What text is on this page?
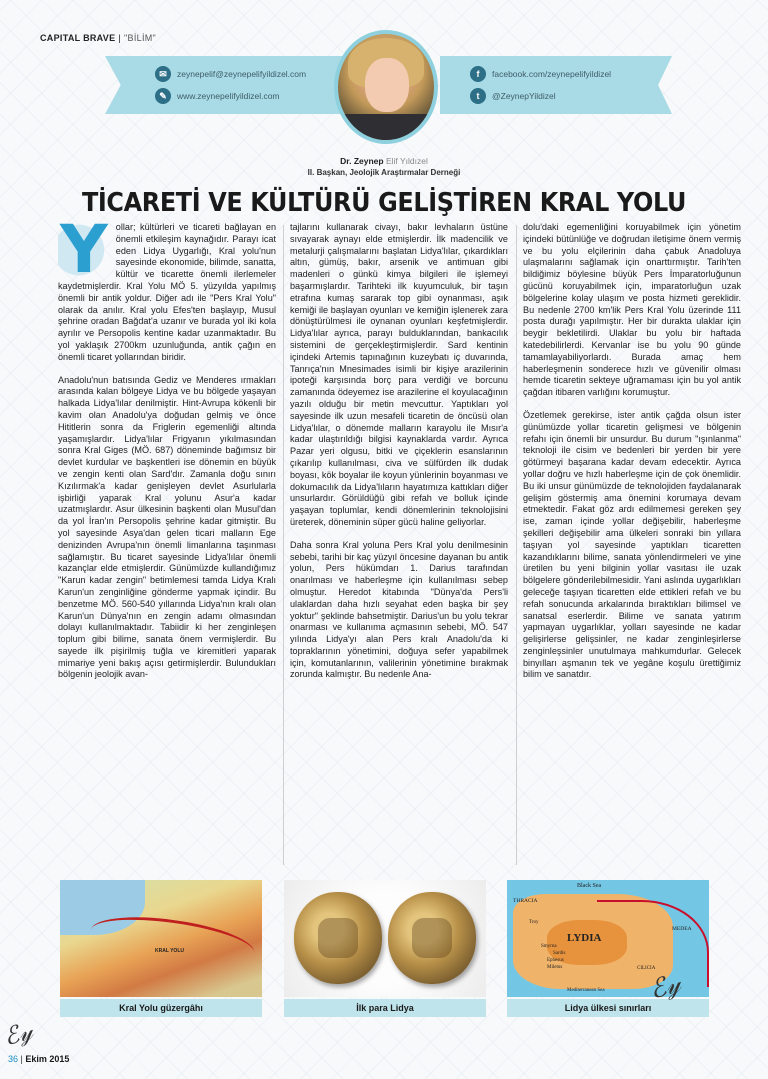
CAPITAL BRAVE | "BİLİM"
✉	zeynepelif@zeynepelifyildizel.com
✎	www.zeynepelifyildizel.com
f	facebook.com/zeynepelifyildizel
t	@ZeynepYildizel
Dr. Zeynep Elif Yıldızel
II. Başkan, Jeolojik Araştırmalar Derneği
TİCARETİ VE KÜLTÜRÜ GELİŞTİREN KRAL YOLU

Y ollar; kültürleri ve ticareti bağlayan en önemli etkileşim kaynağıdır. Parayı icat eden Lidya Uygarlığı, Kral yolu'nun sayesinde ekonomide, bilimde, sanatta, kültür ve ticarette önemli ilerlemeler kaydetmişlerdir. Kral Yolu MÖ 5. yüzyılda yapılmış önemli bir antik yoldur. Diğer adı ile "Pers Kral Yolu" olarak da anılır. Kral yolu Efes'ten başlayıp, Musul şehrine oradan Bağdat'a uzanır ve burada yol iki kola ayrılır ve Persopolis kentine kadar uzanmaktadır. Bu yol yaklaşık 2700km uzunluğunda, antik çağın en önemli ticaret yollarından biridir.

Anadolu'nun batısında Gediz ve Menderes ırmakları arasında kalan bölgeye Lidya ve bu bölgede yaşayan halkada Lidya'lılar denilmiştir. Hint-Avrupa kökenli bir kavim olan Anadolu'ya doğudan gelmiş ve önce Hititlerin sonra da Friglerin egemenliği altında yaşamışlardır. Lidya'lılar Frigyanın yıkılmasından sonra Kral Giges (MÖ. 687) döneminde bağımsız bir devlet kurdular ve başkentleri ise dönemin en büyük ve zengin kenti olan Sard'dır. Zamanla doğu sınırı Kızılırmak'a kadar genişleyen devlet Asurlularla işbirliği yaparak Kral yolunu Asur'a kadar uzatmışlardır. Asur ülkesinin başkenti olan Musul'dan da yol İran'ın Persopolis şehrine kadar gitmiştir. Bu yol sayesinde Asya'dan gelen ticari malların Ege denizinden Avrupa'nın önemli limanlarına taşınması sağlamıştır. Bu ticaret sayesinde Lidya'lılar önemli kazançlar elde etmişlerdir. Günümüzde kullandığımız "Karun kadar zengin" betimlemesi tamda Lidya Kralı Karun'un zenginliğine gönderme yapmak içindir. Bu benzetme MÖ. 560-540 yıllarında Lidya'nın kralı olan Karun'un Dünya'nın en zengin adamı olmasından dolayı kullanılmaktadır. Tabiidir ki her zenginleşen toplum gibi bilime, sanata önem vermişlerdir. Bu sayede ilk pişirilmiş tuğla ve kiremitleri yaparak mimariye yeni bakış açısı getirmişlerdir. Bulundukları bölgenin jeolojik avan-

tajlarını kullanarak civayı, bakır levhaların üstüne sıvayarak aynayı elde etmişlerdir. İlk madencilik ve metalurji çalışmalarını başlatan Lidya'lılar, çıkardıkları altın, gümüş, bakır, arsenik ve antimuan gibi madenleri o günkü kimya bilgileri ile işlemeyi başarmışlardır. Tarihteki ilk kuyumculuk, bir taşın etrafına kumaş sararak top gibi oynanması, aşık kemiği ile başlayan oyunları ve kemiğin işlenerek zara dönüştürülmesi ile oynanan oyunları keşfetmişlerdir. Lidya'lılar ayrıca, parayı bulduklarından, bankacılık sistemini de gerçekleştirmişlerdir. Sard kentinin içindeki Artemis tapınağının kuzeybatı iç duvarında, Tanrıça'nın Mnesimades isimli bir kişiye arazilerinin ipoteği karşısında borç para verdiği ve borcunu zamanında ödeyemez ise arazilerine el koyulacağının yazılı olduğu bir metin mevcuttur. Yaptıkları yol sayesinde ilk uzun mesafeli ticaretin de öncüsü olan Lidya'lılar, o dönemde malların karayolu ile Mısır'a kadar ulaştırıldığı bilgisi kaynaklarda vardır. Ayrıca Pazar yeri olgusu, bitki ve çiçeklerin esanslarının çıkarılıp kullanılması, civa ve sülfürden ilk dudak boyası, kök boyalar ile koyun yünlerinin boyanması ve dokumacılık da Lidya'lıların hayatımıza kattıkları diğer unsurlardır. Görüldüğü gibi refah ve bolluk içinde yaşayan toplumlar, kendi dönemlerinin teknolojisini üreterek, döneminin süper gücü haline geliyorlar.

Daha sonra Kral yoluna Pers Kral yolu denilmesinin sebebi, tarihi bir kaç yüzyıl öncesine dayanan bu antik yolun, Pers hükümdarı 1. Darius tarafından onarılması ve haberleşme için kullanılması sebep olmuştur. Heredot kitabında "Dünya'da Pers'li ulaklardan daha hızlı seyahat eden başka bir şey yoktur" şeklinde bahsetmiştir. Darius'un bu yolu tekrar onarması ve kullanıma açmasının sebebi, MÖ. 547 yılında Lidya'yı alan Pers kralı Anadolu'da ki topraklarının yönetimini, doğuya sefer yapabilmek için, komutanlarının, valilerinin yönetimine bırakmak zorunda kalmıştır. Bu nedenle Ana-

dolu'daki egemenliğini koruyabilmek için yönetim içindeki bütünlüğe ve doğrudan iletişime önem vermiş ve bu yolu elçilerinin daha çabuk Anadoluya ulaşmalarını sağlamak için onarttırmıştır. Tarih'ten bildiğimiz böylesine büyük Pers İmparatorluğunun gücünü koruyabilmek için, imparatorluğun uzak bölgelerine kolay ulaşım ve posta hizmeti gereklidir. Bu nedenle 2700 km'lik Pers Kral Yolu üzerinde 111 posta durağı yapılmıştır. Her bir durakta ulaklar için beygir bekletilirdi. Ulaklar bu yolu bir haftada katedebilirlerdi. Kervanlar ise bu yolu 90 günde tamamlayabiliyorlardı. Burada amaç hem haberleşmenin sonderece hızlı ve güvenilir olması hemde ticaretin sekteye uğramaması için bu yol antik çağdan itibaren varlığını korumuştur.

Özetlemek gerekirse, ister antik çağda olsun ister günümüzde yollar ticaretin gelişmesi ve bölgenin refahı için önemli bir unsurdur. Bu durum "ışınlanma" teknoloji ile cisim ve bedenleri bir yerden bir yere götürmeyi başarana kadar devam edecektir. Ayrıca yollar doğru ve hızlı haberleşme için de çok önemlidir. Bu iki unsur günümüzde de teknolojiden faydalanarak gelişim göstermiş ama önemini korumaya devam etmektedir. Fakat göz ardı edilmemesi gereken şey ise, zaman içinde yollar değişebilir, haberleşme şekilleri değişebilir ama ülkeleri sonraki bin yıllara taşıyan yol sayesinde yaptıkları ticaretten kazandıklarını bilime, sanata yönlendirmeleri ve yine üretilen bu yeni bilginin yollar vasıtası ile uzak bölgelere gönderilebilmesidir. Yani aslında uygarlıkları geleceğe taşıyan ticaretten elde ettikleri refah ve bu refah sonucunda arkalarında bıraktıkları bilimsel ve sanatsal eserlerdir. Bilime ve sanata yatırım yapmayan uygarlıklar, yolları sayesinde ne kadar gelişirlerse gelişsinler, ne kadar zenginleşirlerse zenginleşsinler unutulmaya mahkumdurlar. Gelecek binyılları aşmanın tek ve yegâne koşulu ürettiğimiz bilim ve sanatdır.

KRAL YOLU
Kral Yolu güzergâhı	İlk para Lidya
Black Sea
THRACIA
LYDIA
MEDEA
Troy
Smyrna
Sardis
Ephesus
Miletus	CILICIA
Mediterranean Sea
Lidya ülkesi sınırları
ℰ𝓎
ℰ𝓎
36 | Ekim 2015
